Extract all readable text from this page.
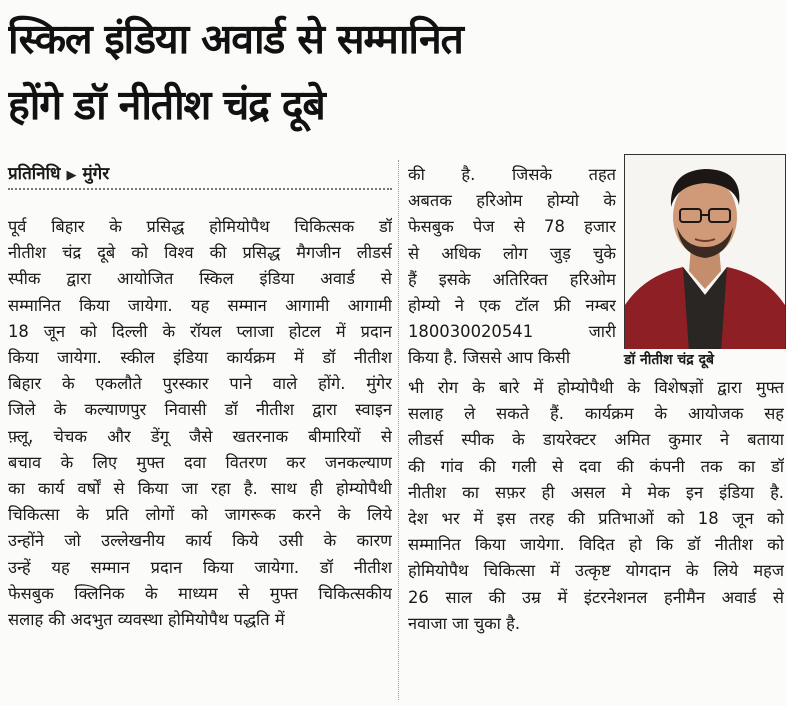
स्किल इंडिया अवार्ड से सम्मानित
होंगे डॉ नीतीश चंद्र दूबे
प्रतिनिधि ▶ मुंगेर
पूर्व बिहार के प्रसिद्ध होमियोपैथ चिकित्सक डॉ
नीतीश चंद्र दूबे को विश्व की प्रसिद्ध मैगजीन लीडर्स
स्पीक द्वारा आयोजित स्किल इंडिया अवार्ड से
सम्मानित किया जायेगा. यह सम्मान आगामी आगामी
18 जून को दिल्ली के रॉयल प्लाजा होटल में प्रदान
किया जायेगा. स्कील इंडिया कार्यक्रम में डॉ नीतीश
बिहार के एकलौते पुरस्कार पाने वाले होंगे. मुंगेर
जिले के कल्याणपुर निवासी डॉ नीतीश द्वारा स्वाइन
फ़्लू, चेचक और डेंगू जैसे खतरनाक बीमारियों से
बचाव के लिए मुफ्त दवा वितरण कर जनकल्याण
का कार्य वर्षों से किया जा रहा है. साथ ही होम्योपैथी
चिकित्सा के प्रति लोगों को जागरूक करने के लिये
उन्होंने जो उल्लेखनीय कार्य किये उसी के कारण
उन्हें यह सम्मान प्रदान किया जायेगा. डॉ नीतीश
फेसबुक क्लिनिक के माध्यम से मुफ्त चिकित्सकीय
सलाह की अदभुत व्यवस्था होमियोपैथ पद्धति में
की है. जिसके तहत
अबतक हरिओम होम्यो के
फेसबुक पेज से 78 हजार
से अधिक लोग जुड़ चुके
हैं इसके अतिरिक्त हरिओम
होम्यो ने एक टॉल फ्री नम्बर
180030020541 जारी
किया है. जिससे आप किसी
भी रोग के बारे में होम्योपैथी के विशेषज्ञों द्वारा मुफ्त
सलाह ले सकते हैं. कार्यक्रम के आयोजक सह
लीडर्स स्पीक के डायरेक्टर अमित कुमार ने बताया
की गांव की गली से दवा की कंपनी तक का डॉ
नीतीश का सफ़र ही असल मे मेक इन इंडिया है.
देश भर में इस तरह की प्रतिभाओं को 18 जून को
सम्मानित किया जायेगा. विदित हो कि डॉ नीतीश को
होमियोपैथ चिकित्सा में उत्कृष्ट योगदान के लिये महज
26 साल की उम्र में इंटरनेशनल हनीमैन अवार्ड से
नवाजा जा चुका है.
डॉ नीतीश चंद्र दूबे
